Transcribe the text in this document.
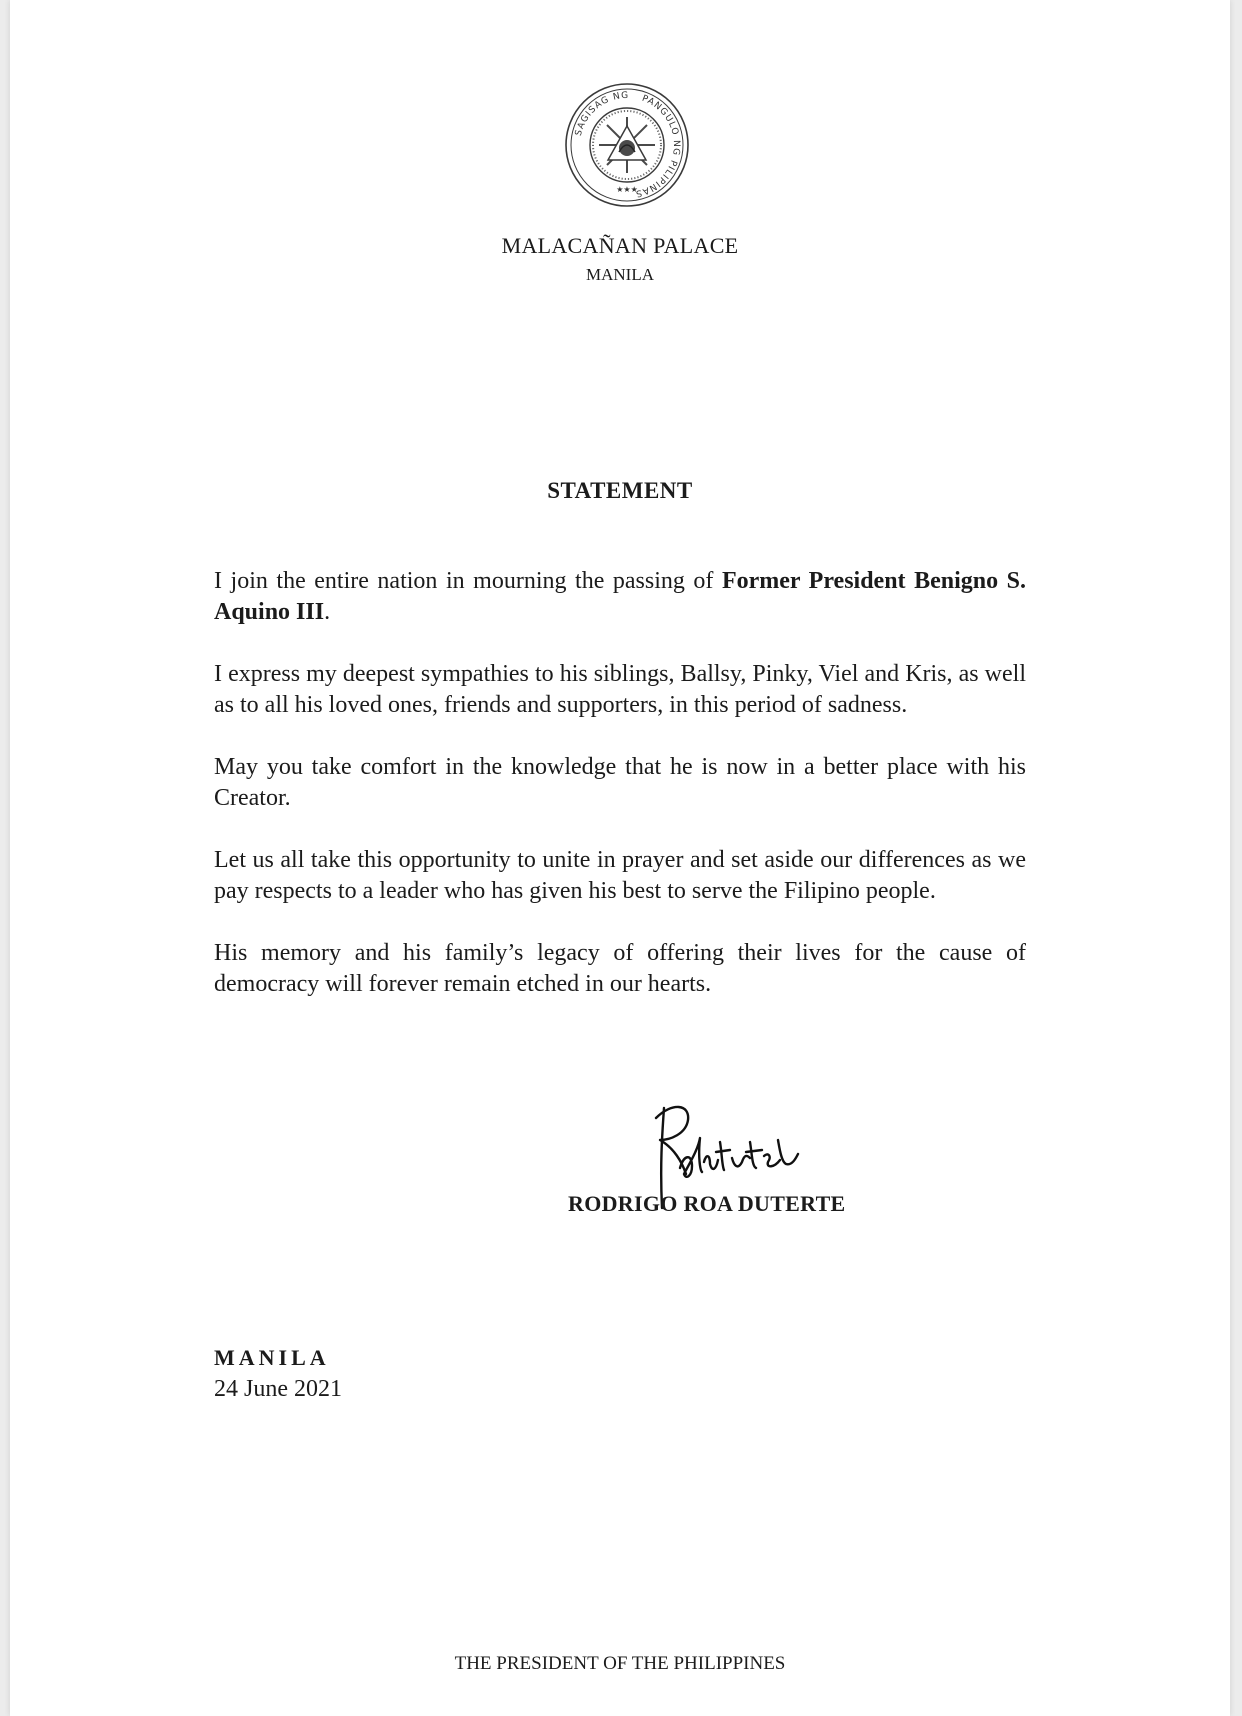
SAGISAG NG	PANGULO NG PILIPINAS
★★★
MALACAÑAN PALACE
MANILA
STATEMENT

I join the entire nation in mourning the passing of Former President Benigno S. Aquino III.

I express my deepest sympathies to his siblings, Ballsy, Pinky, Viel and Kris, as well as to all his loved ones, friends and supporters, in this period of sadness.

May you take comfort in the knowledge that he is now in a better place with his Creator.

Let us all take this opportunity to unite in prayer and set aside our differences as we pay respects to a leader who has given his best to serve the Filipino people.

His memory and his family’s legacy of offering their lives for the cause of democracy will forever remain etched in our hearts.

RODRIGO ROA DUTERTE
MANILA
24 June 2021
THE PRESIDENT OF THE PHILIPPINES
